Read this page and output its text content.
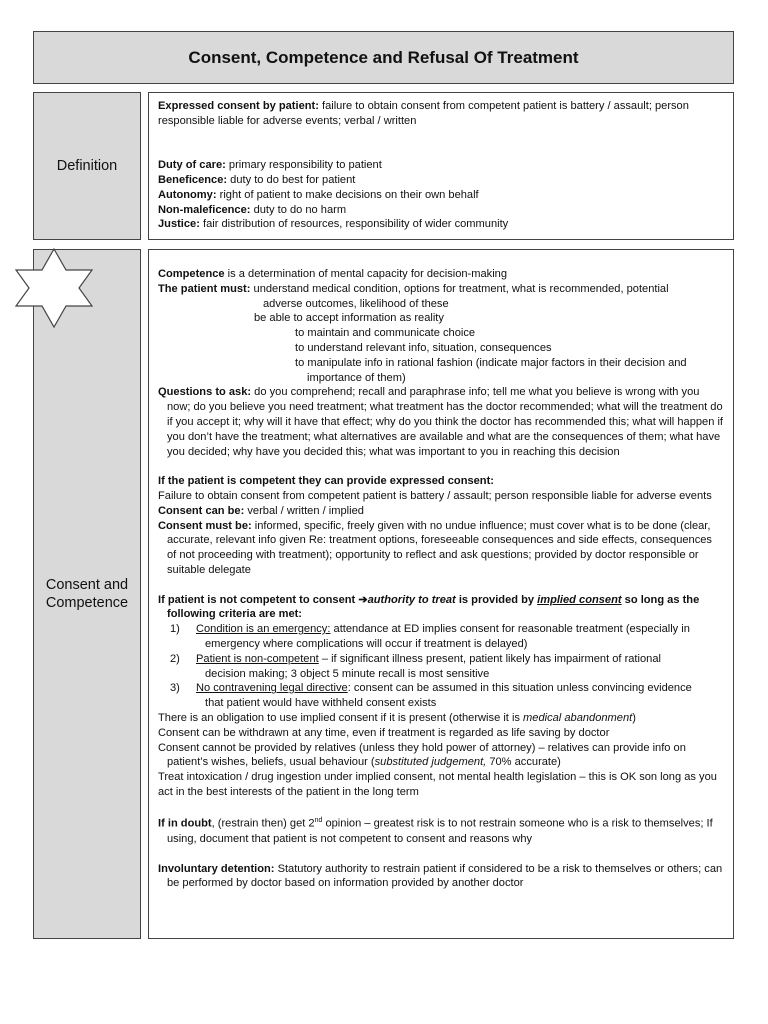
Consent, Competence and Refusal Of Treatment
Definition

Expressed consent by patient: failure to obtain consent from competent patient is battery / assault; person responsible liable for adverse events; verbal / written

Duty of care: primary responsibility to patient

Beneficence: duty to do best for patient

Autonomy: right of patient to make decisions on their own behalf

Non-maleficence: duty to do no harm

Justice: fair distribution of resources, responsibility of wider community

Consent and
Competence

Competence is a determination of mental capacity for decision-making

The patient must: understand medical condition, options for treatment, what is recommended, potential

adverse outcomes, likelihood of these

be able to accept information as reality

to maintain and communicate choice

to understand relevant info, situation, consequences

to manipulate info in rational fashion (indicate major factors in their decision and importance of them)

Questions to ask: do you comprehend; recall and paraphrase info; tell me what you believe is wrong with you now; do you believe you need treatment; what treatment has the doctor recommended; what will the treatment do if you accept it; why will it have that effect; why do you think the doctor has recommended this; what will happen if you don’t have the treatment; what alternatives are available and what are the consequences of them; what have you decided; why have you decided this; what was important to you in reaching this decision

If the patient is competent they can provide expressed consent:

Failure to obtain consent from competent patient is battery / assault; person responsible liable for adverse events

Consent can be: verbal / written / implied

Consent must be: informed, specific, freely given with no undue influence; must cover what is to be done (clear, accurate, relevant info given Re: treatment options, foreseeable consequences and side effects, consequences of not proceeding with treatment); opportunity to reflect and ask questions; provided by doctor responsible or suitable delegate

If patient is not competent to consent ➔authority to treat is provided by implied consent so long as the following criteria are met:

1)	Condition is an emergency: attendance at ED implies consent for reasonable treatment (especially in
emergency where complications will occur if treatment is delayed)
2)	Patient is non-competent – if significant illness present, patient likely has impairment of rational
decision making; 3 object 5 minute recall is most sensitive
3)	No contravening legal directive: consent can be assumed in this situation unless convincing evidence
that patient would have withheld consent exists

There is an obligation to use implied consent if it is present (otherwise it is medical abandonment)

Consent can be withdrawn at any time, even if treatment is regarded as life saving by doctor

Consent cannot be provided by relatives (unless they hold power of attorney) – relatives can provide info on patient’s wishes, beliefs, usual behaviour (substituted judgement, 70% accurate)

Treat intoxication / drug ingestion under implied consent, not mental health legislation – this is OK son long as you act in the best interests of the patient in the long term

If in doubt, (restrain then) get 2nd opinion – greatest risk is to not restrain someone who is a risk to themselves; If using, document that patient is not competent to consent and reasons why

Involuntary detention: Statutory authority to restrain patient if considered to be a risk to themselves or others; can be performed by doctor based on information provided by another doctor
